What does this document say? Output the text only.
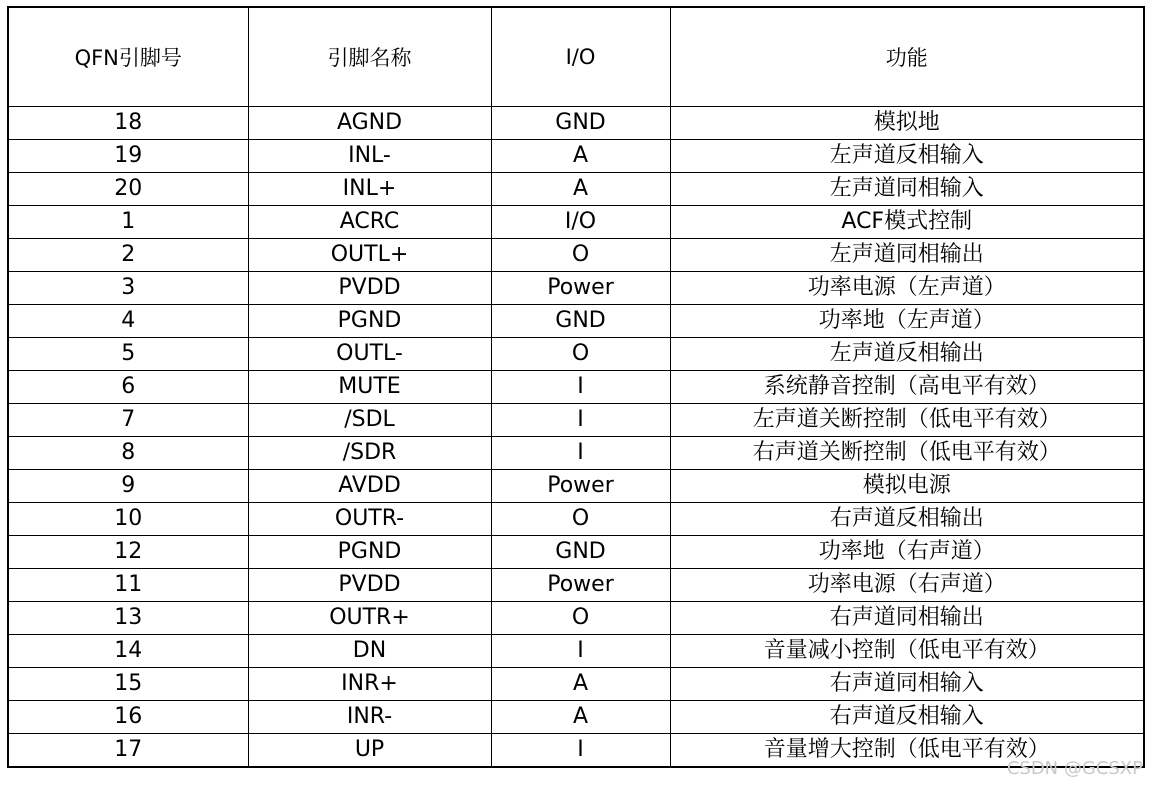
QFN引脚号	引脚名称	I/O	功能
18	AGND	GND	模拟地
19	INL-	A	左声道反相输入
20	INL+	A	左声道同相输入
1	ACRC	I/O	ACF模式控制
2	OUTL+	O	左声道同相输出
3	PVDD	Power	功率电源（左声道）
4	PGND	GND	功率地（左声道）
5	OUTL-	O	左声道反相输出
6	MUTE	I	系统静音控制（高电平有效）
7	/SDL	I	左声道关断控制（低电平有效）
8	/SDR	I	右声道关断控制（低电平有效）
9	AVDD	Power	模拟电源
10	OUTR-	O	右声道反相输出
12	PGND	GND	功率地（右声道）
11	PVDD	Power	功率电源（右声道）
13	OUTR+	O	右声道同相输出
14	DN	I	音量减小控制（低电平有效）
15	INR+	A	右声道同相输入
16	INR-	A	右声道反相输入
17	UP	I	音量增大控制（低电平有效）
CSDN @GCSXP
